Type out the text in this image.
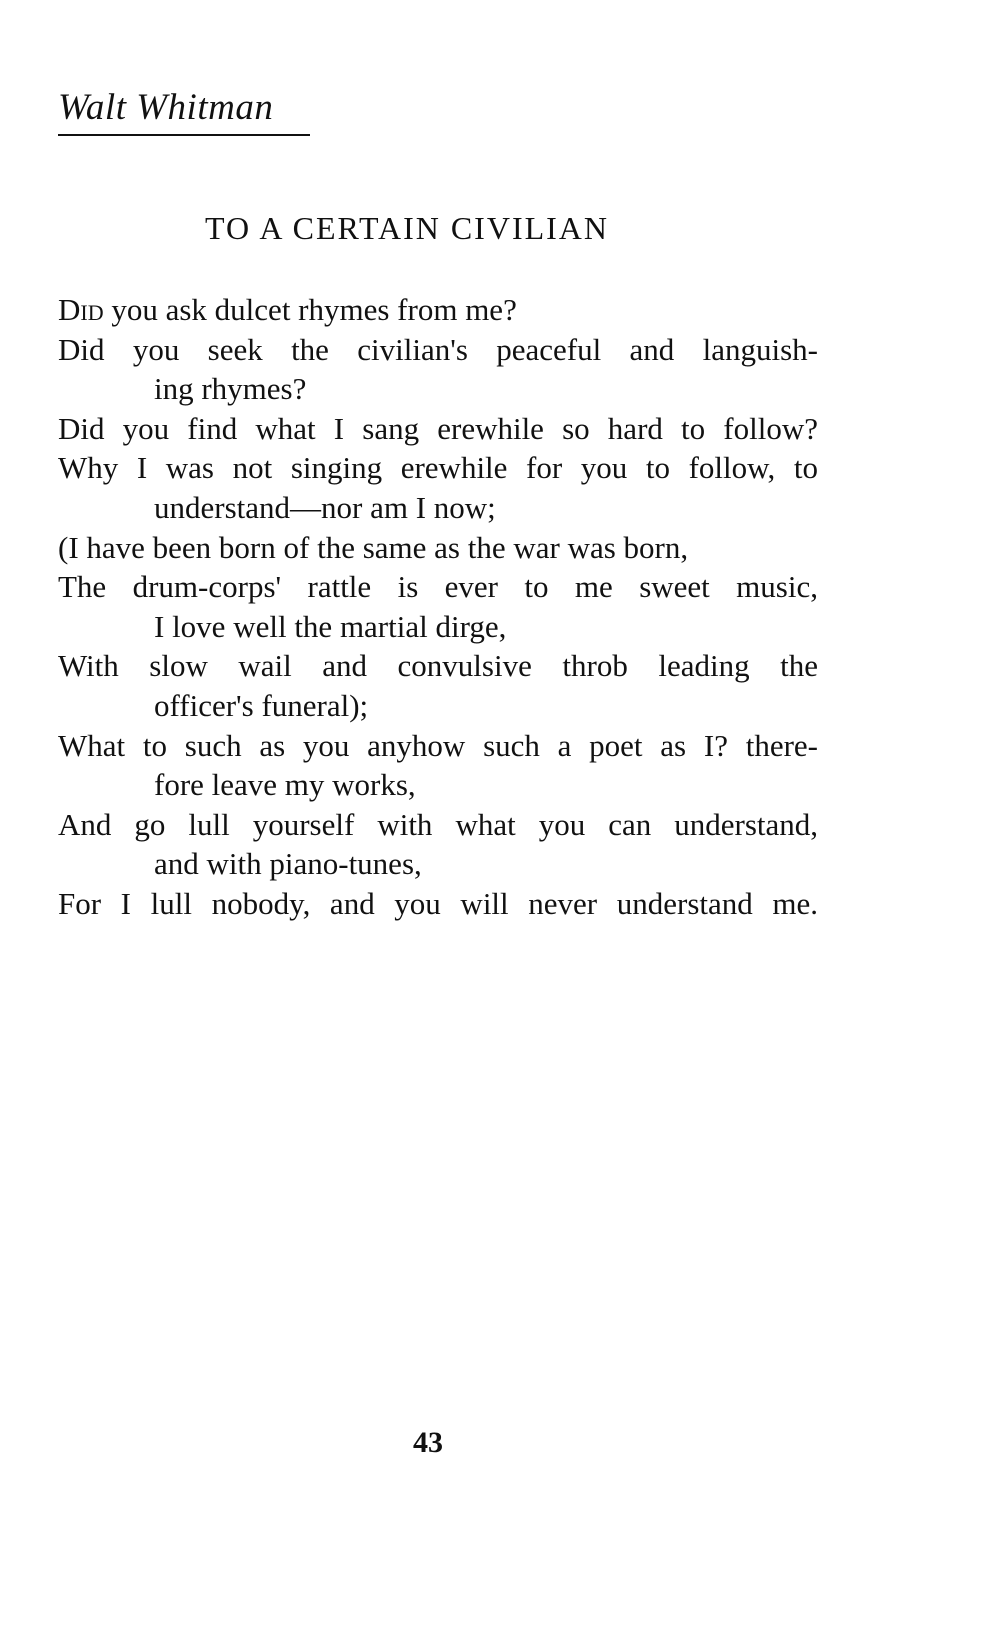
Walt Whitman
TO A CERTAIN CIVILIAN
Did you ask dulcet rhymes from me?
Did you seek the civilian's peaceful and languish-
ing rhymes?
Did you find what I sang erewhile so hard to follow?
Why I was not singing erewhile for you to follow, to
understand—nor am I now;
(I have been born of the same as the war was born,
The drum-corps' rattle is ever to me sweet music,
I love well the martial dirge,
With slow wail and convulsive throb leading the
officer's funeral);
What to such as you anyhow such a poet as I? there-
fore leave my works,
And go lull yourself with what you can understand,
and with piano-tunes,
For I lull nobody, and you will never understand me.
43
